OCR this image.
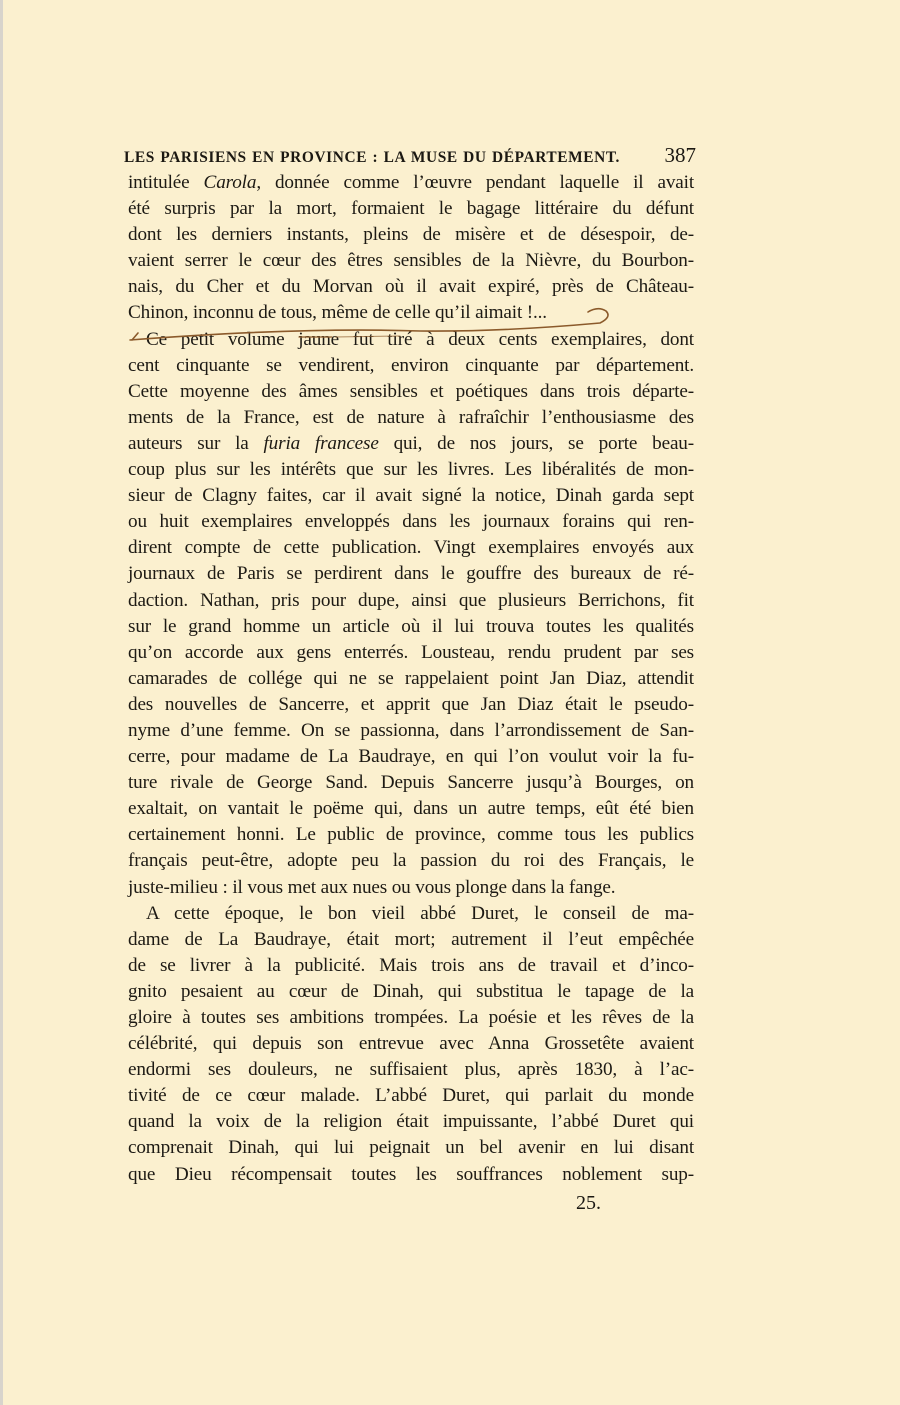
LES PARISIENS EN PROVINCE : LA MUSE DU DÉPARTEMENT. 387
intitulée Carola, donnée comme l’œuvre pendant laquelle il avait
été surpris par la mort, formaient le bagage littéraire du défunt
dont les derniers instants, pleins de misère et de désespoir, de-
vaient serrer le cœur des êtres sensibles de la Nièvre, du Bourbon-
nais, du Cher et du Morvan où il avait expiré, près de Château-
Chinon, inconnu de tous, même de celle qu’il aimait !...
Ce petit volume jaune fut tiré à deux cents exemplaires, dont
cent cinquante se vendirent, environ cinquante par département.
Cette moyenne des âmes sensibles et poétiques dans trois départe-
ments de la France, est de nature à rafraîchir l’enthousiasme des
auteurs sur la furia francese qui, de nos jours, se porte beau-
coup plus sur les intérêts que sur les livres. Les libéralités de mon-
sieur de Clagny faites, car il avait signé la notice, Dinah garda sept
ou huit exemplaires enveloppés dans les journaux forains qui ren-
dirent compte de cette publication. Vingt exemplaires envoyés aux
journaux de Paris se perdirent dans le gouffre des bureaux de ré-
daction. Nathan, pris pour dupe, ainsi que plusieurs Berrichons, fit
sur le grand homme un article où il lui trouva toutes les qualités
qu’on accorde aux gens enterrés. Lousteau, rendu prudent par ses
camarades de collége qui ne se rappelaient point Jan Diaz, attendit
des nouvelles de Sancerre, et apprit que Jan Diaz était le pseudo-
nyme d’une femme. On se passionna, dans l’arrondissement de San-
cerre, pour madame de La Baudraye, en qui l’on voulut voir la fu-
ture rivale de George Sand. Depuis Sancerre jusqu’à Bourges, on
exaltait, on vantait le poëme qui, dans un autre temps, eût été bien
certainement honni. Le public de province, comme tous les publics
français peut-être, adopte peu la passion du roi des Français, le
juste-milieu : il vous met aux nues ou vous plonge dans la fange.
A cette époque, le bon vieil abbé Duret, le conseil de ma-
dame de La Baudraye, était mort; autrement il l’eut empêchée
de se livrer à la publicité. Mais trois ans de travail et d’inco-
gnito pesaient au cœur de Dinah, qui substitua le tapage de la
gloire à toutes ses ambitions trompées. La poésie et les rêves de la
célébrité, qui depuis son entrevue avec Anna Grossetête avaient
endormi ses douleurs, ne suffisaient plus, après 1830, à l’ac-
tivité de ce cœur malade. L’abbé Duret, qui parlait du monde
quand la voix de la religion était impuissante, l’abbé Duret qui
comprenait Dinah, qui lui peignait un bel avenir en lui disant
que Dieu récompensait toutes les souffrances noblement sup-
25.
